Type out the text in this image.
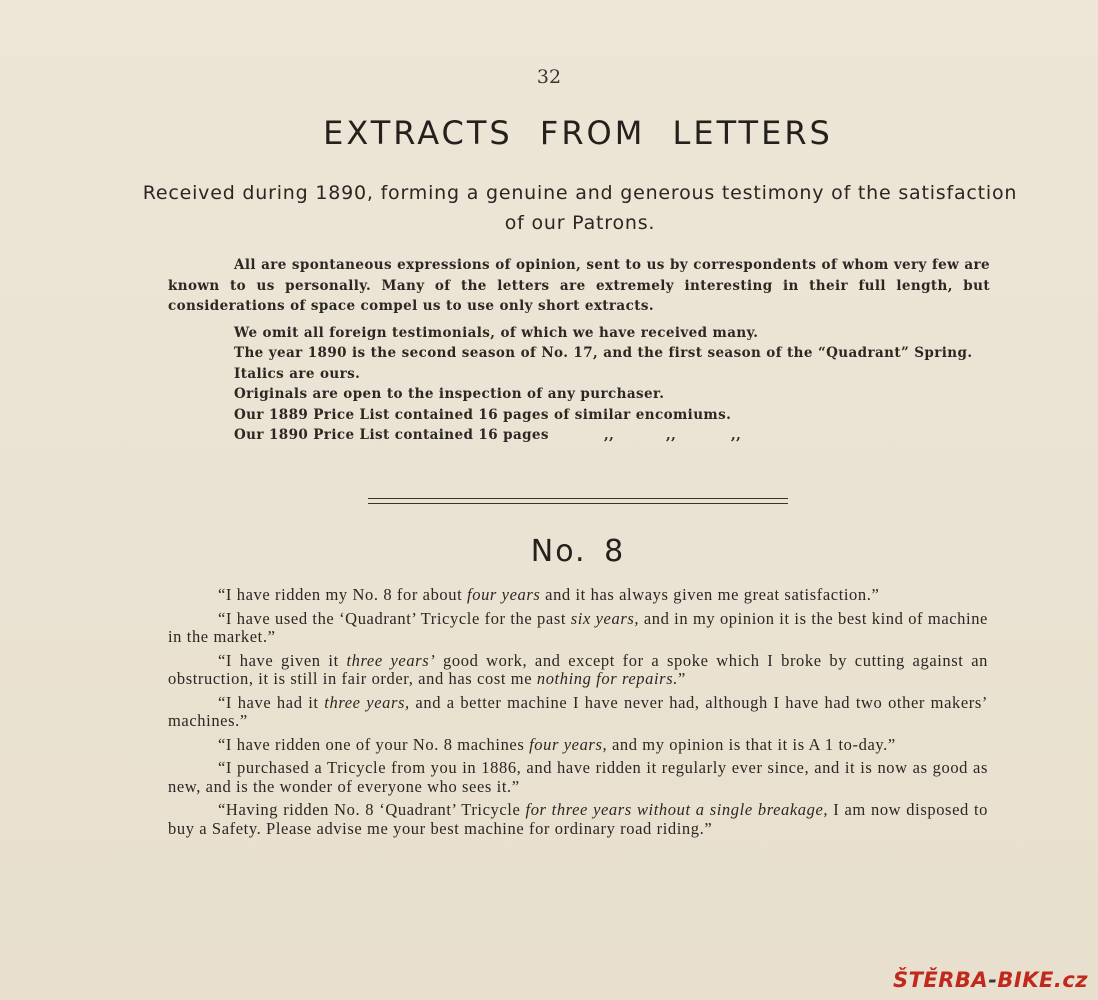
32
EXTRACTS FROM LETTERS
Received during 1890, forming a genuine and generous testimony of the satisfaction of our Patrons.

All are spontaneous expressions of opinion, sent to us by correspondents of whom very few are known to us personally. Many of the letters are extremely interesting in their full length, but considerations of space compel us to use only short extracts.

We omit all foreign testimonials, of which we have received many.

The year 1890 is the second season of No. 17, and the first season of the “Quadrant” Spring.

Italics are ours.

Originals are open to the inspection of any purchaser.

Our 1889 Price List contained 16 pages of similar encomiums.

Our 1890 Price List contained 16 pages	,,	,,	,,

No. 8

“I have ridden my No. 8 for about four years and it has always given me great satisfaction.”

“I have used the ‘Quadrant’ Tricycle for the past six years, and in my opinion it is the best kind of machine in the market.”

“I have given it three years’ good work, and except for a spoke which I broke by cutting against an obstruction, it is still in fair order, and has cost me nothing for repairs.”

“I have had it three years, and a better machine I have never had, although I have had two other makers’ machines.”

“I have ridden one of your No. 8 machines four years, and my opinion is that it is A 1 to-day.”

“I purchased a Tricycle from you in 1886, and have ridden it regularly ever since, and it is now as good as new, and is the wonder of everyone who sees it.”

“Having ridden No. 8 ‘Quadrant’ Tricycle for three years without a single breakage, I am now disposed to buy a Safety. Please advise me your best machine for ordinary road riding.”

ŠTĚRBA-BIKE.cz
